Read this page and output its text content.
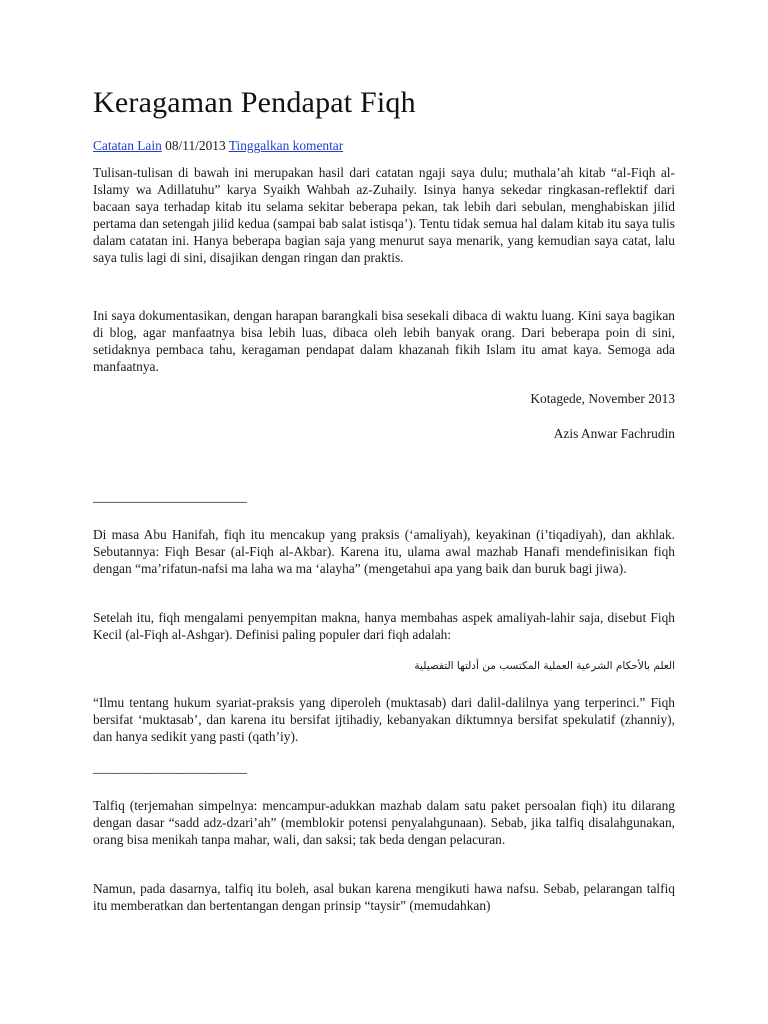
Keragaman Pendapat Fiqh
Catatan Lain 08/11/2013 Tinggalkan komentar

Tulisan-tulisan di bawah ini merupakan hasil dari catatan ngaji saya dulu; muthala’ah kitab “al-Fiqh al-Islamy wa Adillatuhu” karya Syaikh Wahbah az-Zuhaily. Isinya hanya sekedar ringkasan-reflektif dari bacaan saya terhadap kitab itu selama sekitar beberapa pekan, tak lebih dari sebulan, menghabiskan jilid pertama dan setengah jilid kedua (sampai bab salat istisqa’). Tentu tidak semua hal dalam kitab itu saya tulis dalam catatan ini. Hanya beberapa bagian saja yang menurut saya menarik, yang kemudian saya catat, lalu saya tulis lagi di sini, disajikan dengan ringan dan praktis.

Ini saya dokumentasikan, dengan harapan barangkali bisa sesekali dibaca di waktu luang. Kini saya bagikan di blog, agar manfaatnya bisa lebih luas, dibaca oleh lebih banyak orang. Dari beberapa poin di sini, setidaknya pembaca tahu, keragaman pendapat dalam khazanah fikih Islam itu amat kaya. Semoga ada manfaatnya.

Kotagede, November 2013
Azis Anwar Fachrudin
________________________

Di masa Abu Hanifah, fiqh itu mencakup yang praksis (‘amaliyah), keyakinan (i’tiqadiyah), dan akhlak. Sebutannya: Fiqh Besar (al-Fiqh al-Akbar). Karena itu, ulama awal mazhab Hanafi mendefinisikan fiqh dengan “ma’rifatun-nafsi ma laha wa ma ‘alayha” (mengetahui apa yang baik dan buruk bagi jiwa).

Setelah itu, fiqh mengalami penyempitan makna, hanya membahas aspek amaliyah-lahir saja, disebut Fiqh Kecil (al-Fiqh al-Ashgar). Definisi paling populer dari fiqh adalah:

العلم بالأحكام الشرعية العملية المكتسب من أدلتها التفصيلية

“Ilmu tentang hukum syariat-praksis yang diperoleh (muktasab) dari dalil-dalilnya yang terperinci.” Fiqh bersifat ‘muktasab’, dan karena itu bersifat ijtihadiy, kebanyakan diktumnya bersifat spekulatif (zhanniy), dan hanya sedikit yang pasti (qath’iy).

________________________

Talfiq (terjemahan simpelnya: mencampur-adukkan mazhab dalam satu paket persoalan fiqh) itu dilarang dengan dasar “sadd adz-dzari’ah” (memblokir potensi penyalahgunaan). Sebab, jika talfiq disalahgunakan, orang bisa menikah tanpa mahar, wali, dan saksi; tak beda dengan pelacuran.

Namun, pada dasarnya, talfiq itu boleh, asal bukan karena mengikuti hawa nafsu. Sebab, pelarangan talfiq itu memberatkan dan bertentangan dengan prinsip “taysir” (memudahkan)
